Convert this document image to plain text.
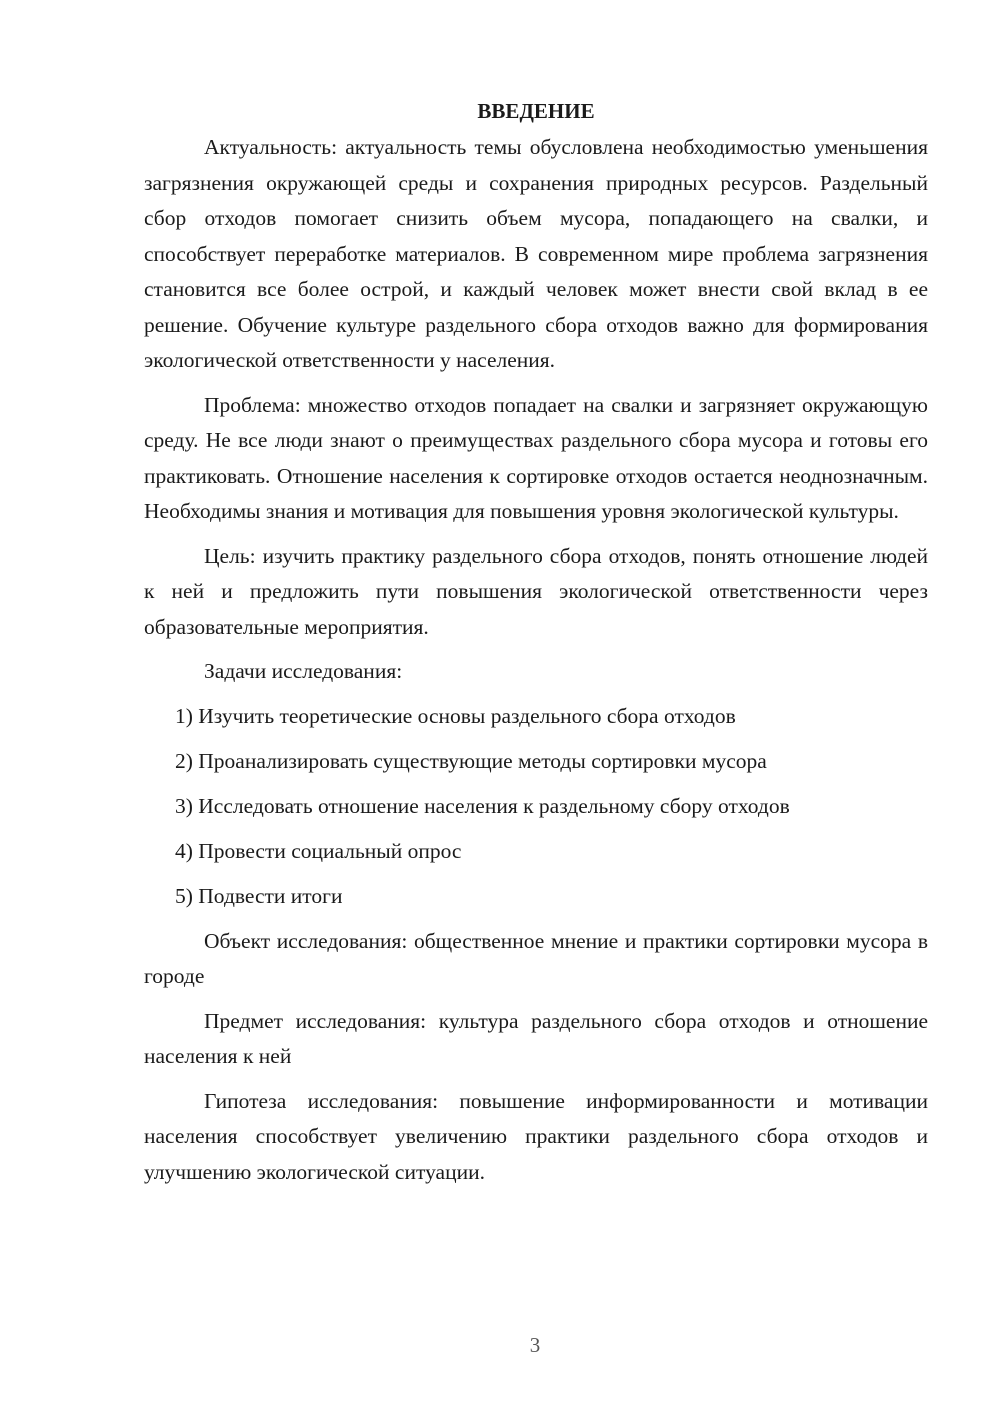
ВВЕДЕНИЕ

Актуальность: актуальность темы обусловлена необходимостью уменьшения загрязнения окружающей среды и сохранения природных ресурсов. Раздельный сбор отходов помогает снизить объем мусора, попадающего на свалки, и способствует переработке материалов. В современном мире проблема загрязнения становится все более острой, и каждый человек может внести свой вклад в ее решение. Обучение культуре раздельного сбора отходов важно для формирования экологической ответственности у населения.

Проблема: множество отходов попадает на свалки и загрязняет окружающую среду. Не все люди знают о преимуществах раздельного сбора мусора и готовы его практиковать. Отношение населения к сортировке отходов остается неоднозначным. Необходимы знания и мотивация для повышения уровня экологической культуры.

Цель: изучить практику раздельного сбора отходов, понять отношение людей к ней и предложить пути повышения экологической ответственности через образовательные мероприятия.

Задачи исследования:

1) Изучить теоретические основы раздельного сбора отходов
2) Проанализировать существующие методы сортировки мусора
3) Исследовать отношение населения к раздельному сбору отходов
4) Провести социальный опрос
5) Подвести итоги

Объект исследования: общественное мнение и практики сортировки мусора в городе

Предмет исследования: культура раздельного сбора отходов и отношение населения к ней

Гипотеза исследования: повышение информированности и мотивации населения способствует увеличению практики раздельного сбора отходов и улучшению экологической ситуации.

3
